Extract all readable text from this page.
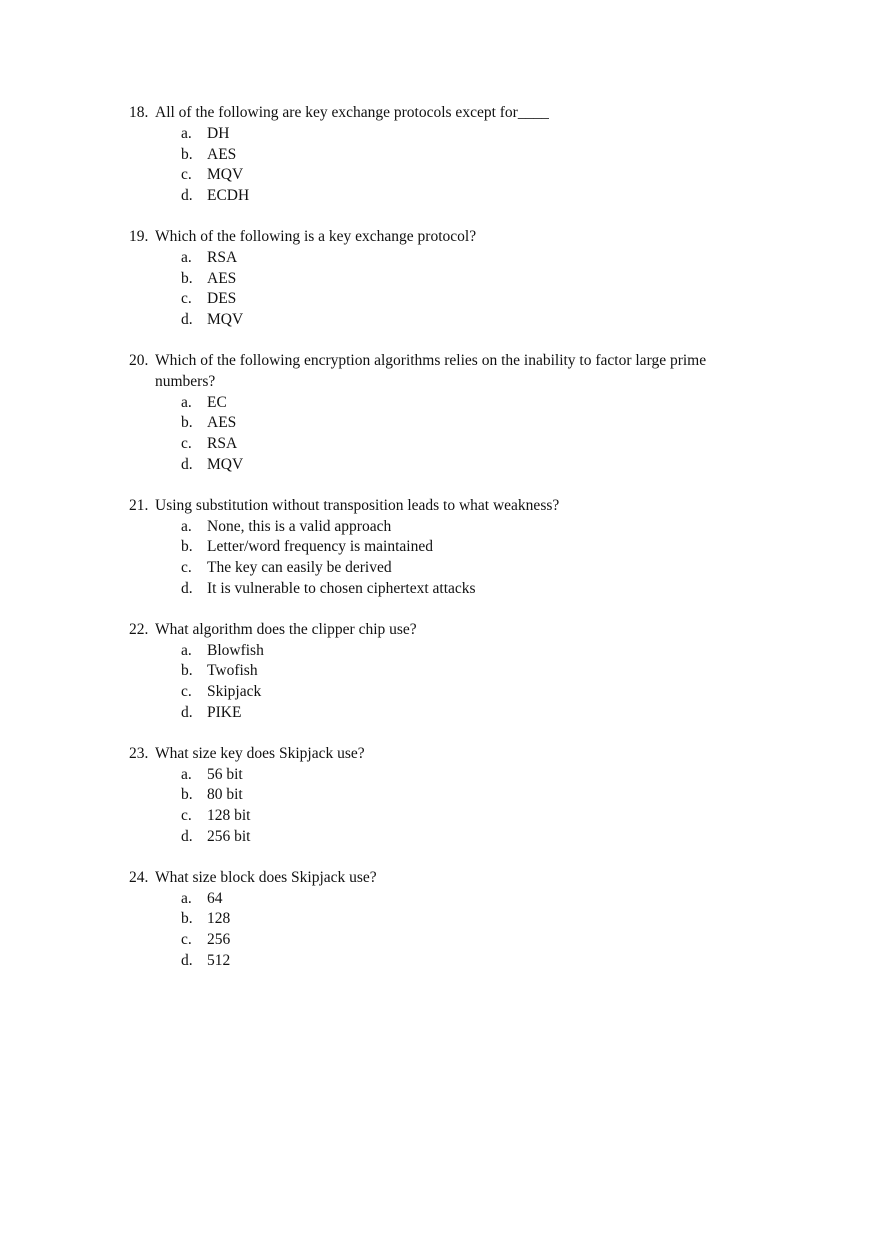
18. All of the following are key exchange protocols except for____
a. DH
b. AES
c. MQV
d. ECDH
19. Which of the following is a key exchange protocol?
a. RSA
b. AES
c. DES
d. MQV
20. Which of the following encryption algorithms relies on the inability to factor large prime numbers?
a. EC
b. AES
c. RSA
d. MQV
21. Using substitution without transposition leads to what weakness?
a. None, this is a valid approach
b. Letter/word frequency is maintained
c. The key can easily be derived
d. It is vulnerable to chosen ciphertext attacks
22. What algorithm does the clipper chip use?
a. Blowfish
b. Twofish
c. Skipjack
d. PIKE
23. What size key does Skipjack use?
a. 56 bit
b. 80 bit
c. 128 bit
d. 256 bit
24. What size block does Skipjack use?
a. 64
b. 128
c. 256
d. 512
